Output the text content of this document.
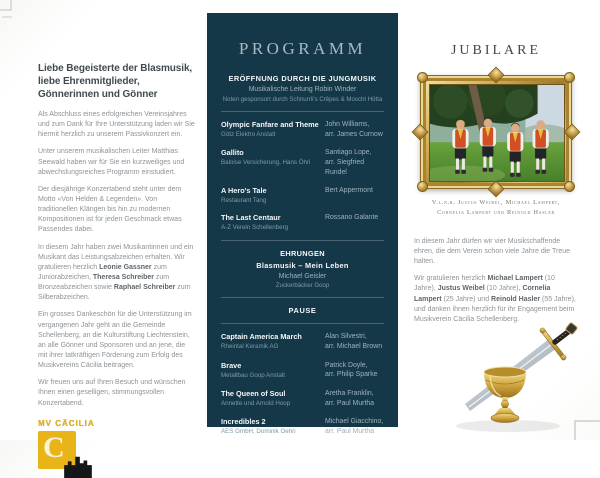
Liebe Begeisterte der Blasmusik, liebe Ehrenmitglieder, Gönnerinnen und Gönner

Als Abschluss eines erfolgreichen Vereinsjahres und zum Dank für Ihre Unterstützung laden wir Sie hiermit herzlich zu unserem Passivkonzert ein.

Unter unserem musikalischen Leiter Matthias Seewald haben wir für Sie ein kurzweiliges und abwechslungsreiches Programm einstudiert.

Der diesjährige Konzertabend steht unter dem Motto «Von Helden & Legenden». Von traditionellen Klängen bis hin zu modernen Kompositionen ist für jeden Geschmack etwas Passendes dabei.

In diesem Jahr haben zwei Musikantinnen und ein Musikant das Leistungsabzeichen erhalten. Wir gratulieren herzlich Leonie Gassner zum Juniorabzeichen, Theresa Schreiber zum Bronzeabzeichen sowie Raphael Schreiber zum Silberabzeichen.

Ein grosses Dankeschön für die Unterstützung im vergangenen Jahr geht an die Gemeinde Schellenberg, an die Kulturstiftung Liechtenstein, an alle Gönner und Sponsoren und an jene, die mit ihrer tatkräftigen Förderung zum Erfolg des Musikvereins Cäcilia beitragen.

Wir freuen uns auf Ihren Besuch und wünschen Ihnen einen geselligen, stimmungsvollen Konzertabend.

MV CÄCILIA
C
PROGRAMM
ERÖFFNUNG DURCH DIE JUNGMUSIK
Musikalische Leitung Robin Winder
Noten gesponsort durch Schnurrli's Crêpes & Moscht Hötta
Olympic Fanfare and Theme
Götz Elektro Anstalt
John Williams,
arr. James Curnow
Gallito
Baloise Versicherung, Hans Öhri
Santiago Lope,
arr. Siegfried Rundel
A Hero's Tale
Restaurant Tang
Bert Appermont
The Last Centaur
A-Z Verein Schellenberg
Rossano Galante
EHRUNGEN
Blasmusik – Mein Leben
Michael Geisler
Zuckerbäcker Goop
PAUSE
Captain America March
Rheintal Keramik AG
Alan Silvestri,
arr. Michael Brown
Brave
Metallbau Goop Anstalt
Patrick Doyle,
arr. Philip Sparke
The Queen of Soul
Annette und Arnold Hoop
Aretha Franklin,
arr. Paul Murtha
Incredibles 2
AES GmbH, Dominik Oehri
Michael Giacchino,
arr. Paul Murtha
JUBILARE
V.l.n.r. Justus Weibel, Michael Lampert,
Cornelia Lampert und Reinold Hasler

In diesem Jahr dürfen wir vier Musikschaffende ehren, die dem Verein schon viele Jahre die Treue halten.

Wir gratulieren herzlich Michael Lampert (10 Jahre), Justus Weibel (10 Jahre), Cornelia Lampert (25 Jahre) und Reinold Hasler (55 Jahre), und danken ihnen herzlich für ihr Engagement beim Musikverein Cäcilia Schellenberg.
